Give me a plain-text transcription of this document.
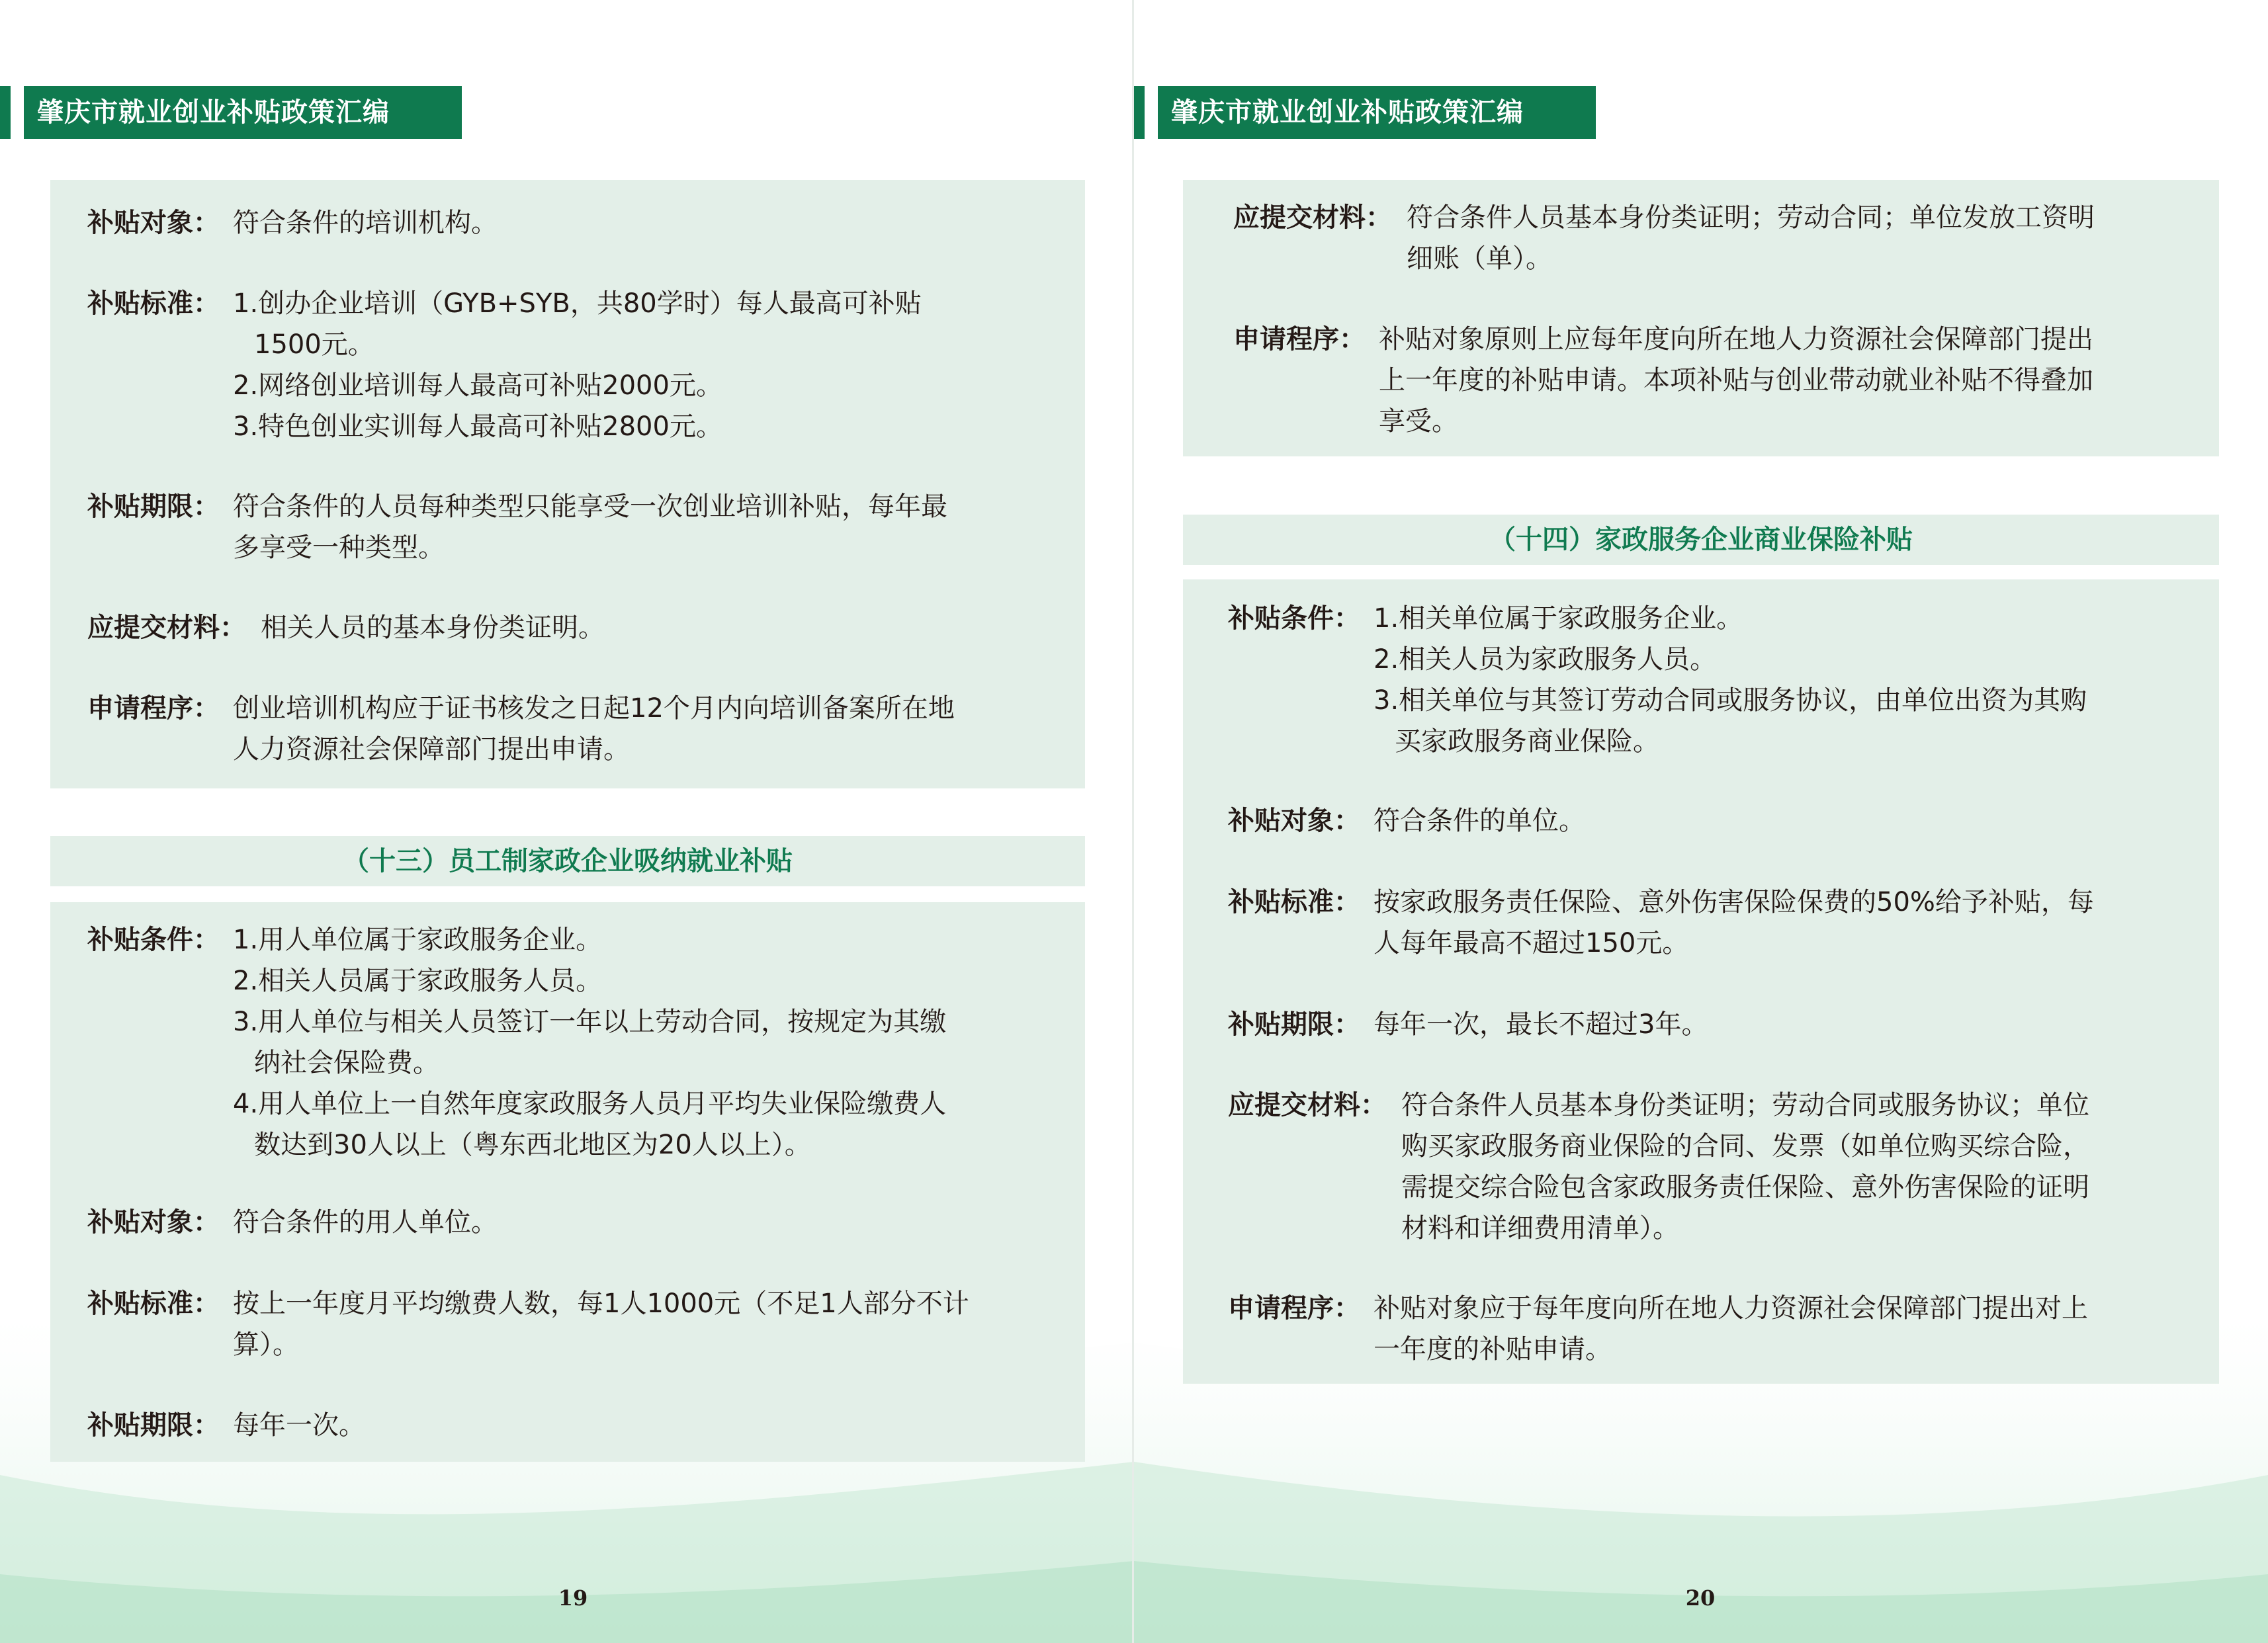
肇庆市就业创业补贴政策汇编
补贴对象： 符合条件的培训机构。
补贴标准： 1.创办企业培训（GYB+SYB，共80学时）每人最高可补贴
1500元。
2.网络创业培训每人最高可补贴2000元。
3.特色创业实训每人最高可补贴2800元。
补贴期限： 符合条件的人员每种类型只能享受一次创业培训补贴，每年最
多享受一种类型。
应提交材料： 相关人员的基本身份类证明。
申请程序： 创业培训机构应于证书核发之日起12个月内向培训备案所在地
人力资源社会保障部门提出申请。
（十三）员工制家政企业吸纳就业补贴
补贴条件： 1.用人单位属于家政服务企业。
2.相关人员属于家政服务人员。
3.用人单位与相关人员签订一年以上劳动合同，按规定为其缴
纳社会保险费。
4.用人单位上一自然年度家政服务人员月平均失业保险缴费人
数达到30人以上（粤东西北地区为20人以上）。
补贴对象： 符合条件的用人单位。
补贴标准： 按上一年度月平均缴费人数，每1人1000元（不足1人部分不计
算）。
补贴期限： 每年一次。
19
肇庆市就业创业补贴政策汇编
应提交材料： 符合条件人员基本身份类证明；劳动合同；单位发放工资明
细账（单）。
申请程序： 补贴对象原则上应每年度向所在地人力资源社会保障部门提出
上一年度的补贴申请。本项补贴与创业带动就业补贴不得叠加
享受。
（十四）家政服务企业商业保险补贴
补贴条件： 1.相关单位属于家政服务企业。
2.相关人员为家政服务人员。
3.相关单位与其签订劳动合同或服务协议，由单位出资为其购
买家政服务商业保险。
补贴对象： 符合条件的单位。
补贴标准： 按家政服务责任保险、意外伤害保险保费的50%给予补贴，每
人每年最高不超过150元。
补贴期限： 每年一次，最长不超过3年。
应提交材料： 符合条件人员基本身份类证明；劳动合同或服务协议；单位
购买家政服务商业保险的合同、发票（如单位购买综合险，
需提交综合险包含家政服务责任保险、意外伤害保险的证明
材料和详细费用清单）。
申请程序： 补贴对象应于每年度向所在地人力资源社会保障部门提出对上
一年度的补贴申请。
20
